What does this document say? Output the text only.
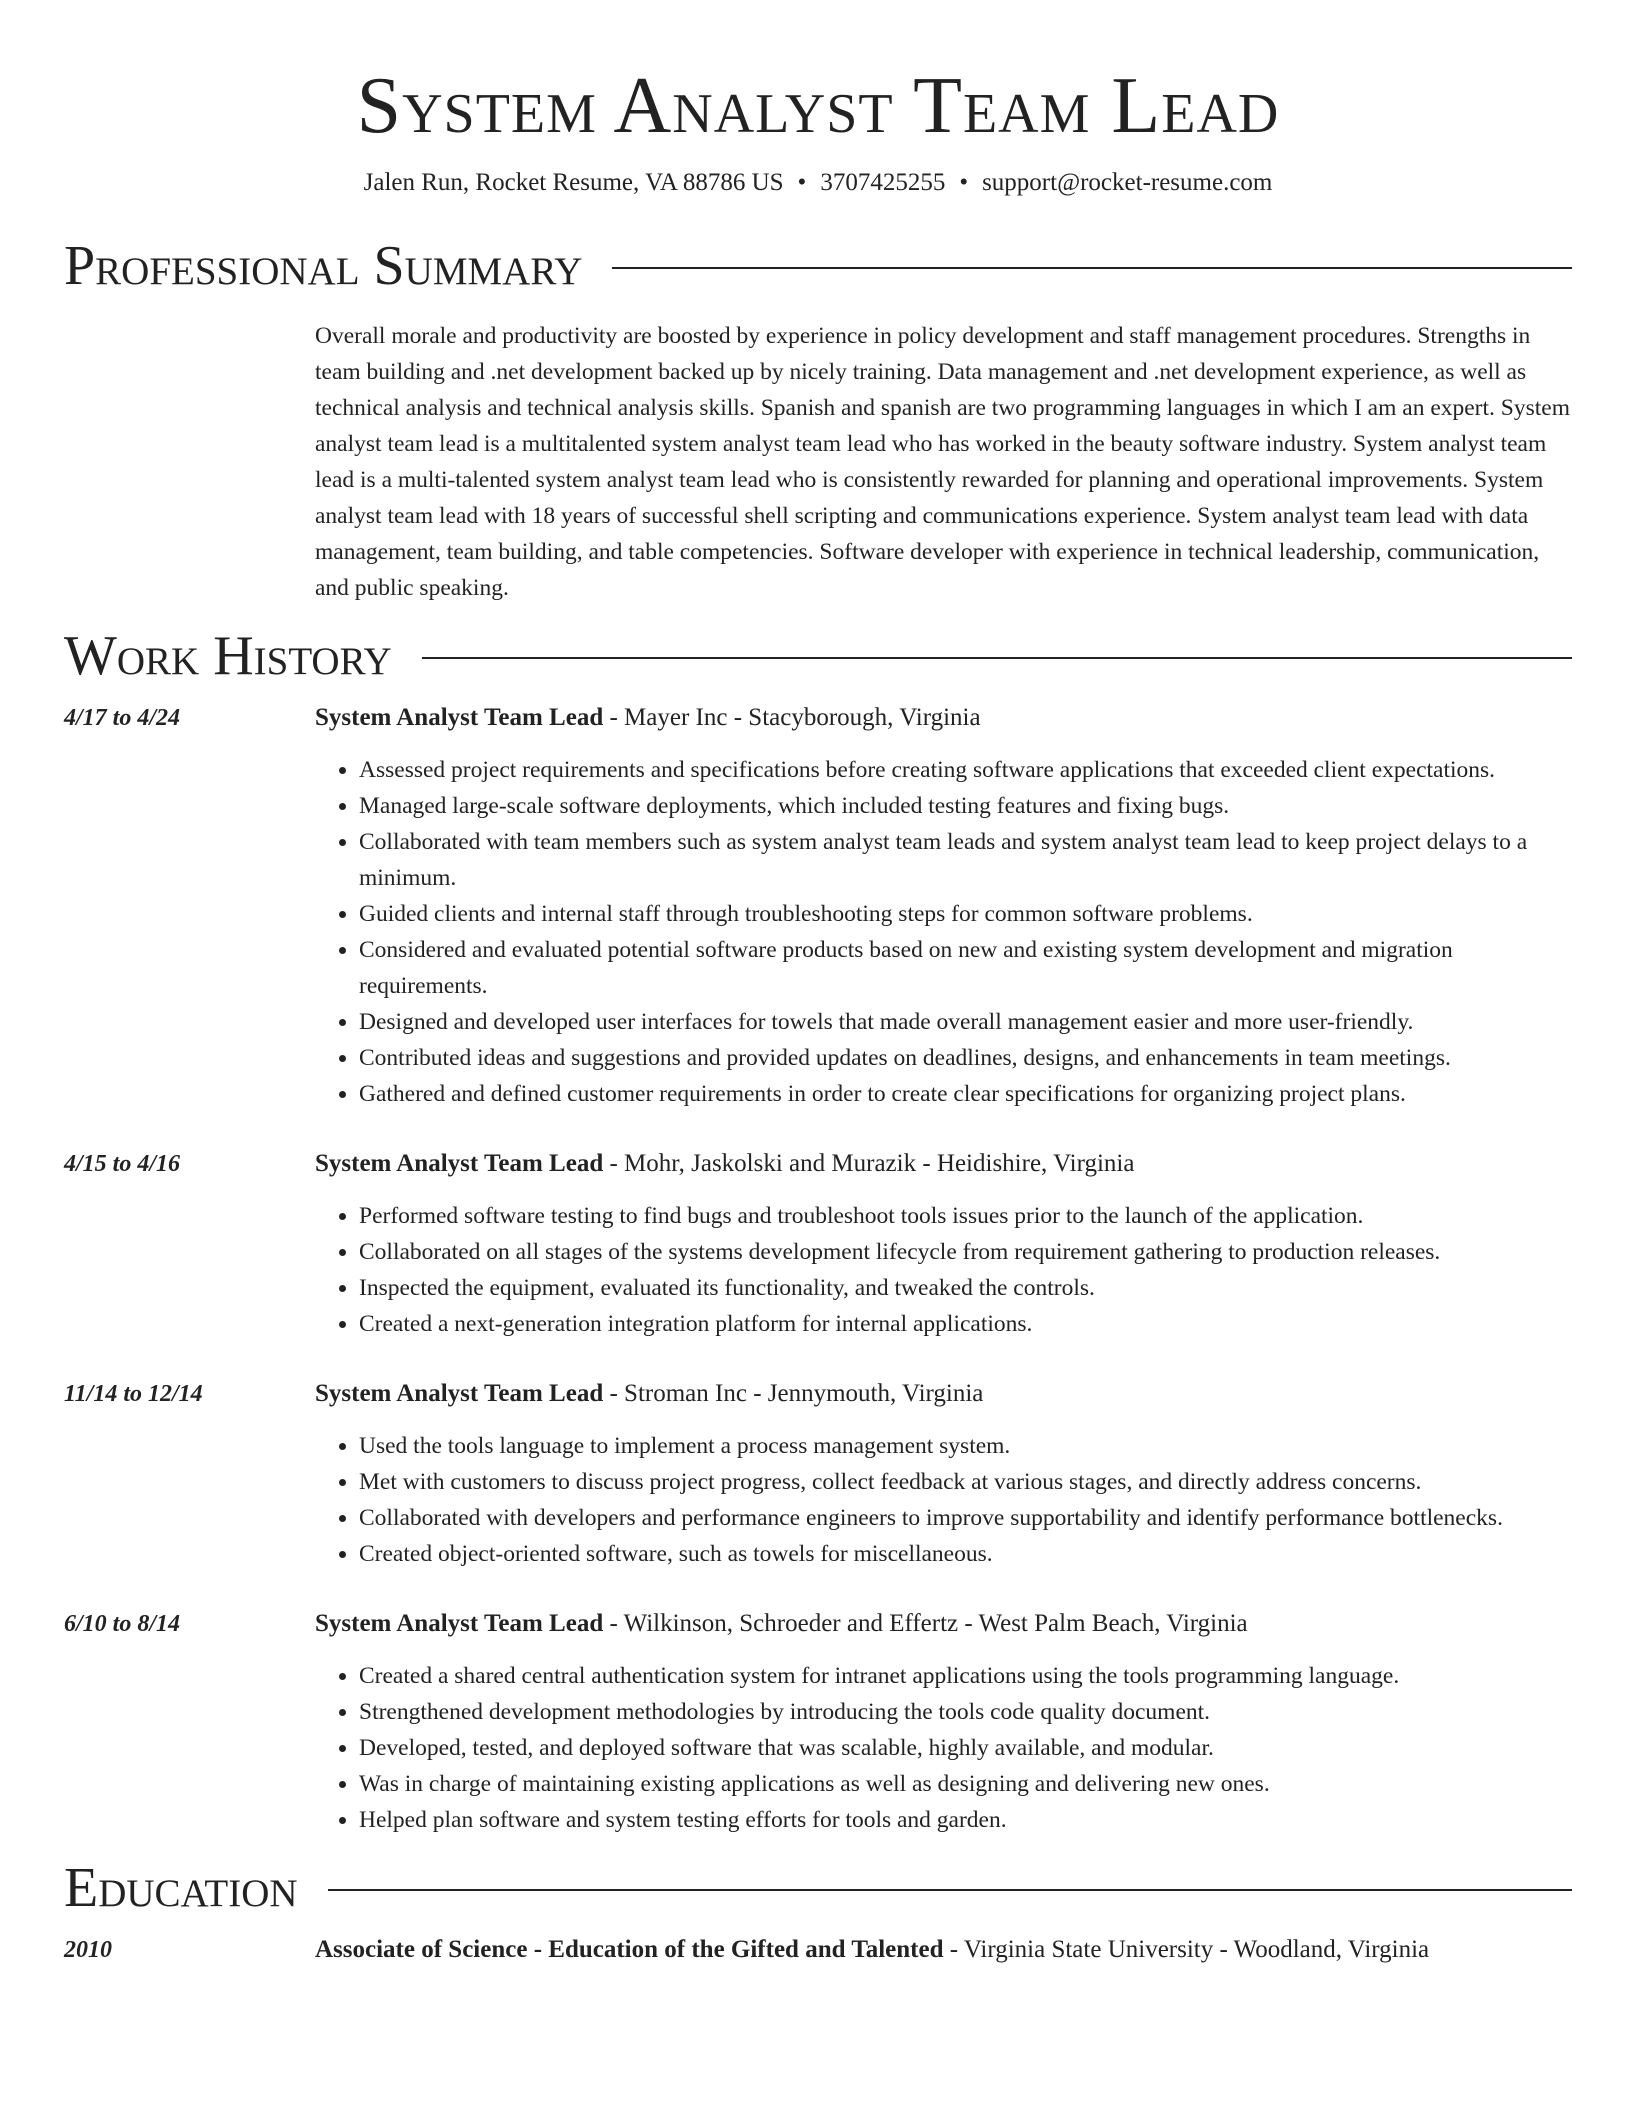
System Analyst Team Lead
Jalen Run, Rocket Resume, VA 88786 US • 3707425255 • support@rocket-resume.com
Professional Summary
Overall morale and productivity are boosted by experience in policy development and staff management procedures. Strengths in team building and .net development backed up by nicely training. Data management and .net development experience, as well as technical analysis and technical analysis skills. Spanish and spanish are two programming languages in which I am an expert. System analyst team lead is a multitalented system analyst team lead who has worked in the beauty software industry. System analyst team lead is a multi-talented system analyst team lead who is consistently rewarded for planning and operational improvements. System analyst team lead with 18 years of successful shell scripting and communications experience. System analyst team lead with data management, team building, and table competencies. Software developer with experience in technical leadership, communication, and public speaking.
Work History
4/17 to 4/24	System Analyst Team Lead - Mayer Inc - Stacyborough, Virginia
• Assessed project requirements and specifications before creating software applications that exceeded client expectations.
• Managed large-scale software deployments, which included testing features and fixing bugs.
• Collaborated with team members such as system analyst team leads and system analyst team lead to keep project delays to a minimum.
• Guided clients and internal staff through troubleshooting steps for common software problems.
• Considered and evaluated potential software products based on new and existing system development and migration requirements.
• Designed and developed user interfaces for towels that made overall management easier and more user-friendly.
• Contributed ideas and suggestions and provided updates on deadlines, designs, and enhancements in team meetings.
• Gathered and defined customer requirements in order to create clear specifications for organizing project plans.
4/15 to 4/16	System Analyst Team Lead - Mohr, Jaskolski and Murazik - Heidishire, Virginia
• Performed software testing to find bugs and troubleshoot tools issues prior to the launch of the application.
• Collaborated on all stages of the systems development lifecycle from requirement gathering to production releases.
• Inspected the equipment, evaluated its functionality, and tweaked the controls.
• Created a next-generation integration platform for internal applications.
11/14 to 12/14	System Analyst Team Lead - Stroman Inc - Jennymouth, Virginia
• Used the tools language to implement a process management system.
• Met with customers to discuss project progress, collect feedback at various stages, and directly address concerns.
• Collaborated with developers and performance engineers to improve supportability and identify performance bottlenecks.
• Created object-oriented software, such as towels for miscellaneous.
6/10 to 8/14	System Analyst Team Lead - Wilkinson, Schroeder and Effertz - West Palm Beach, Virginia
• Created a shared central authentication system for intranet applications using the tools programming language.
• Strengthened development methodologies by introducing the tools code quality document.
• Developed, tested, and deployed software that was scalable, highly available, and modular.
• Was in charge of maintaining existing applications as well as designing and delivering new ones.
• Helped plan software and system testing efforts for tools and garden.
Education
2010	Associate of Science - Education of the Gifted and Talented - Virginia State University - Woodland, Virginia
